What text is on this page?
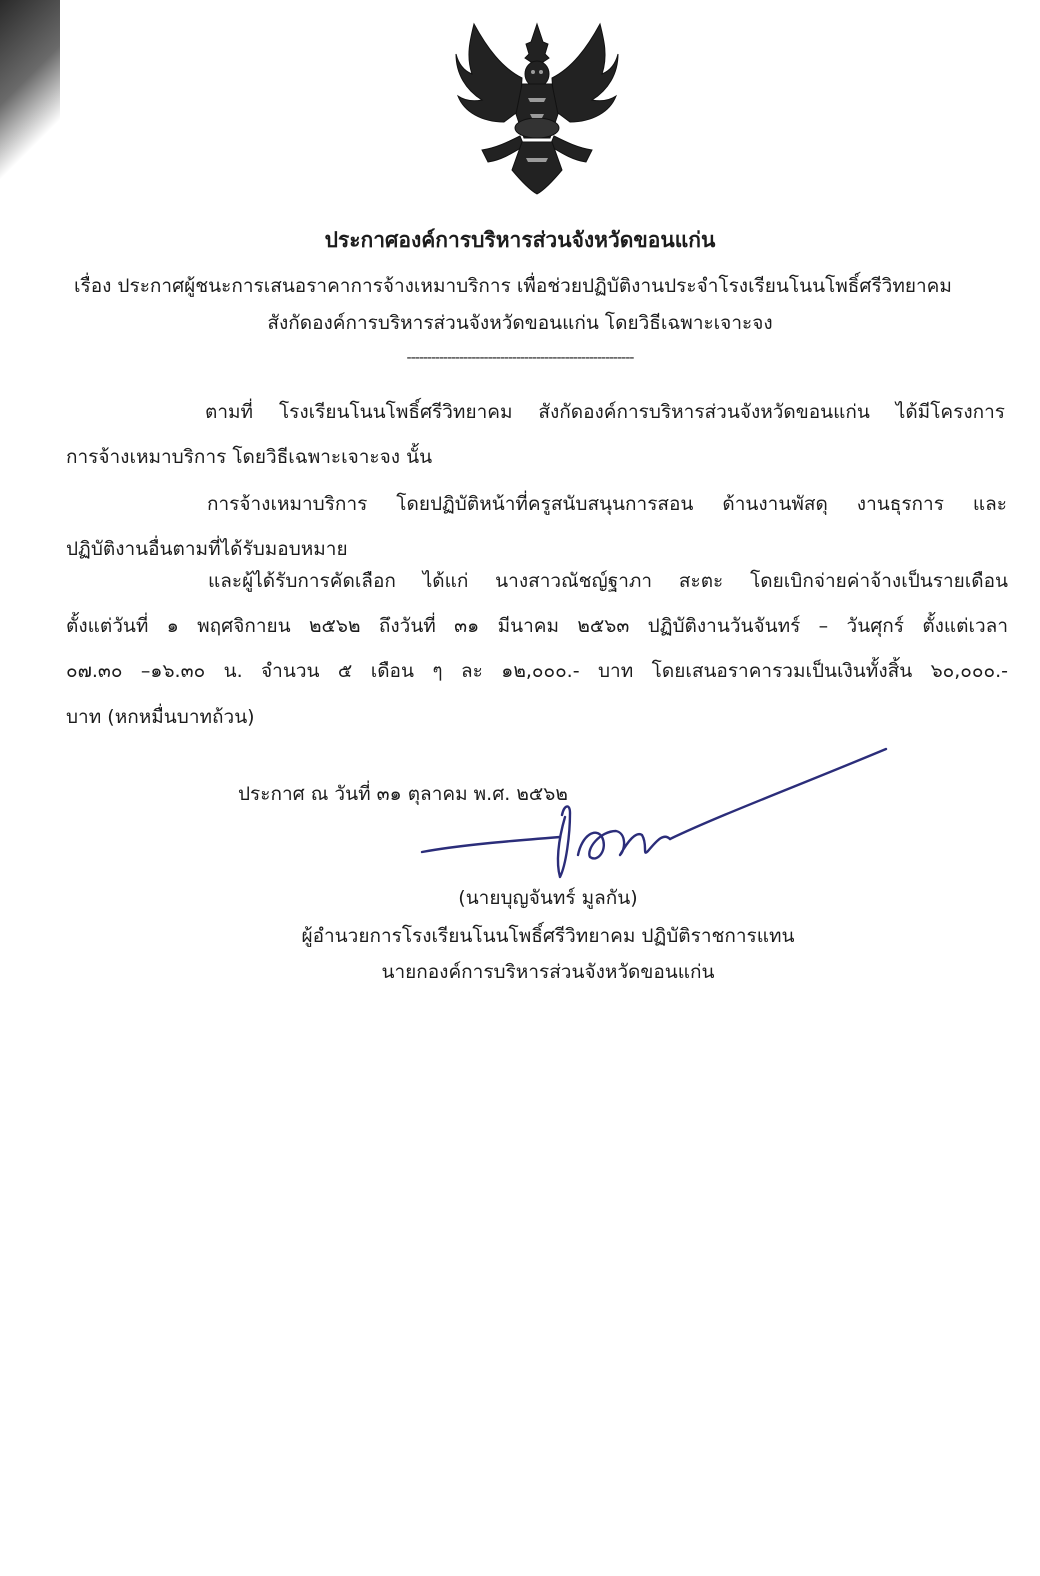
ประกาศองค์การบริหารส่วนจังหวัดขอนแก่น
เรื่อง ประกาศผู้ชนะการเสนอราคาการจ้างเหมาบริการ เพื่อช่วยปฏิบัติงานประจำโรงเรียนโนนโพธิ์ศรีวิทยาคม
สังกัดองค์การบริหารส่วนจังหวัดขอนแก่น โดยวิธีเฉพาะเจาะจง
--------------------------------------------------------
ตามที่ โรงเรียนโนนโพธิ์ศรีวิทยาคม สังกัดองค์การบริหารส่วนจังหวัดขอนแก่น ได้มีโครงการ
การจ้างเหมาบริการ โดยวิธีเฉพาะเจาะจง นั้น
การจ้างเหมาบริการ โดยปฏิบัติหน้าที่ครูสนับสนุนการสอน ด้านงานพัสดุ งานธุรการ และ
ปฏิบัติงานอื่นตามที่ได้รับมอบหมาย
และผู้ได้รับการคัดเลือก ได้แก่ นางสาวณัชญ์ฐาภา สะตะ โดยเบิกจ่ายค่าจ้างเป็นรายเดือน
ตั้งแต่วันที่ ๑ พฤศจิกายน ๒๕๖๒ ถึงวันที่ ๓๑ มีนาคม ๒๕๖๓ ปฏิบัติงานวันจันทร์ – วันศุกร์ ตั้งแต่เวลา
๐๗.๓๐ –๑๖.๓๐ น. จำนวน ๕ เดือน ๆ ละ ๑๒,๐๐๐.- บาท โดยเสนอราคารวมเป็นเงินทั้งสิ้น ๖๐,๐๐๐.-
บาท (หกหมื่นบาทถ้วน)
ประกาศ ณ วันที่ ๓๑ ตุลาคม พ.ศ. ๒๕๖๒
(นายบุญจันทร์ มูลกัน)
ผู้อำนวยการโรงเรียนโนนโพธิ์ศรีวิทยาคม ปฏิบัติราชการแทน
นายกองค์การบริหารส่วนจังหวัดขอนแก่น
